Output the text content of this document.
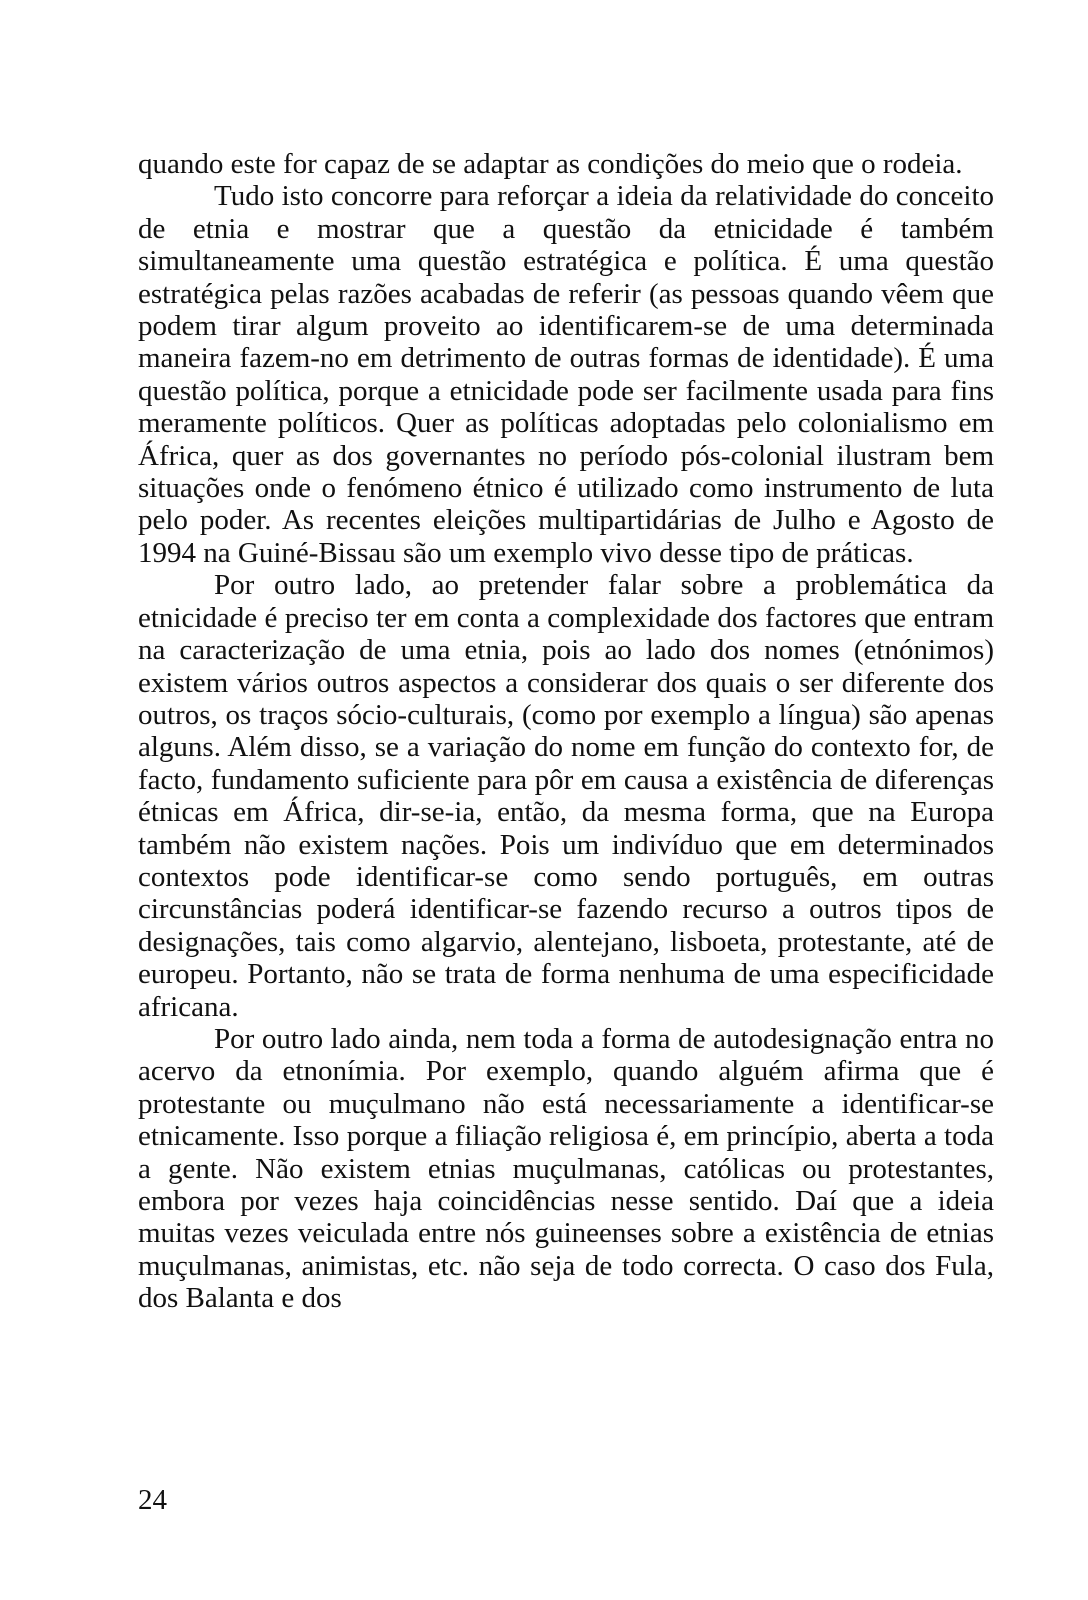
quando este for capaz de se adaptar as condições do meio que o rodeia.

Tudo isto concorre para reforçar a ideia da relatividade do conceito de etnia e mostrar que a questão da etnicidade é também simultaneamente uma questão estratégica e política. É uma questão estratégica pelas razões acabadas de referir (as pessoas quando vêem que podem tirar algum proveito ao identificarem-se de uma determinada maneira fazem-no em detrimento de outras formas de identidade). É uma questão política, porque a etnicidade pode ser facilmente usada para fins meramente políticos. Quer as políticas adoptadas pelo colonialismo em África, quer as dos governantes no período pós-colonial ilustram bem situações onde o fenómeno étnico é utilizado como instrumento de luta pelo poder. As recentes eleições multipartidárias de Julho e Agosto de 1994 na Guiné-Bissau são um exemplo vivo desse tipo de práticas.

Por outro lado, ao pretender falar sobre a problemática da etnicidade é preciso ter em conta a complexidade dos factores que entram na caracterização de uma etnia, pois ao lado dos nomes (etnónimos) existem vários outros aspectos a considerar dos quais o ser diferente dos outros, os traços sócio-culturais, (como por exemplo a língua) são apenas alguns. Além disso, se a variação do nome em função do contexto for, de facto, fundamento suficiente para pôr em causa a existência de diferenças étnicas em África, dir-se-ia, então, da mesma forma, que na Europa também não existem nações. Pois um indivíduo que em determinados contextos pode identificar-se como sendo português, em outras circunstâncias poderá identificar-se fazendo recurso a outros tipos de designações, tais como algarvio, alentejano, lisboeta, protestante, até de europeu. Portanto, não se trata de forma nenhuma de uma especificidade africana.

Por outro lado ainda, nem toda a forma de autodesignação entra no acervo da etnonímia. Por exemplo, quando alguém afirma que é protestante ou muçulmano não está necessariamente a identificar-se etnicamente. Isso porque a filiação religiosa é, em princípio, aberta a toda a gente. Não existem etnias muçulmanas, católicas ou protestantes, embora por vezes haja coincidências nesse sentido. Daí que a ideia muitas vezes veiculada entre nós guineenses sobre a existência de etnias muçulmanas, animistas, etc. não seja de todo correcta. O caso dos Fula, dos Balanta e dos

24
